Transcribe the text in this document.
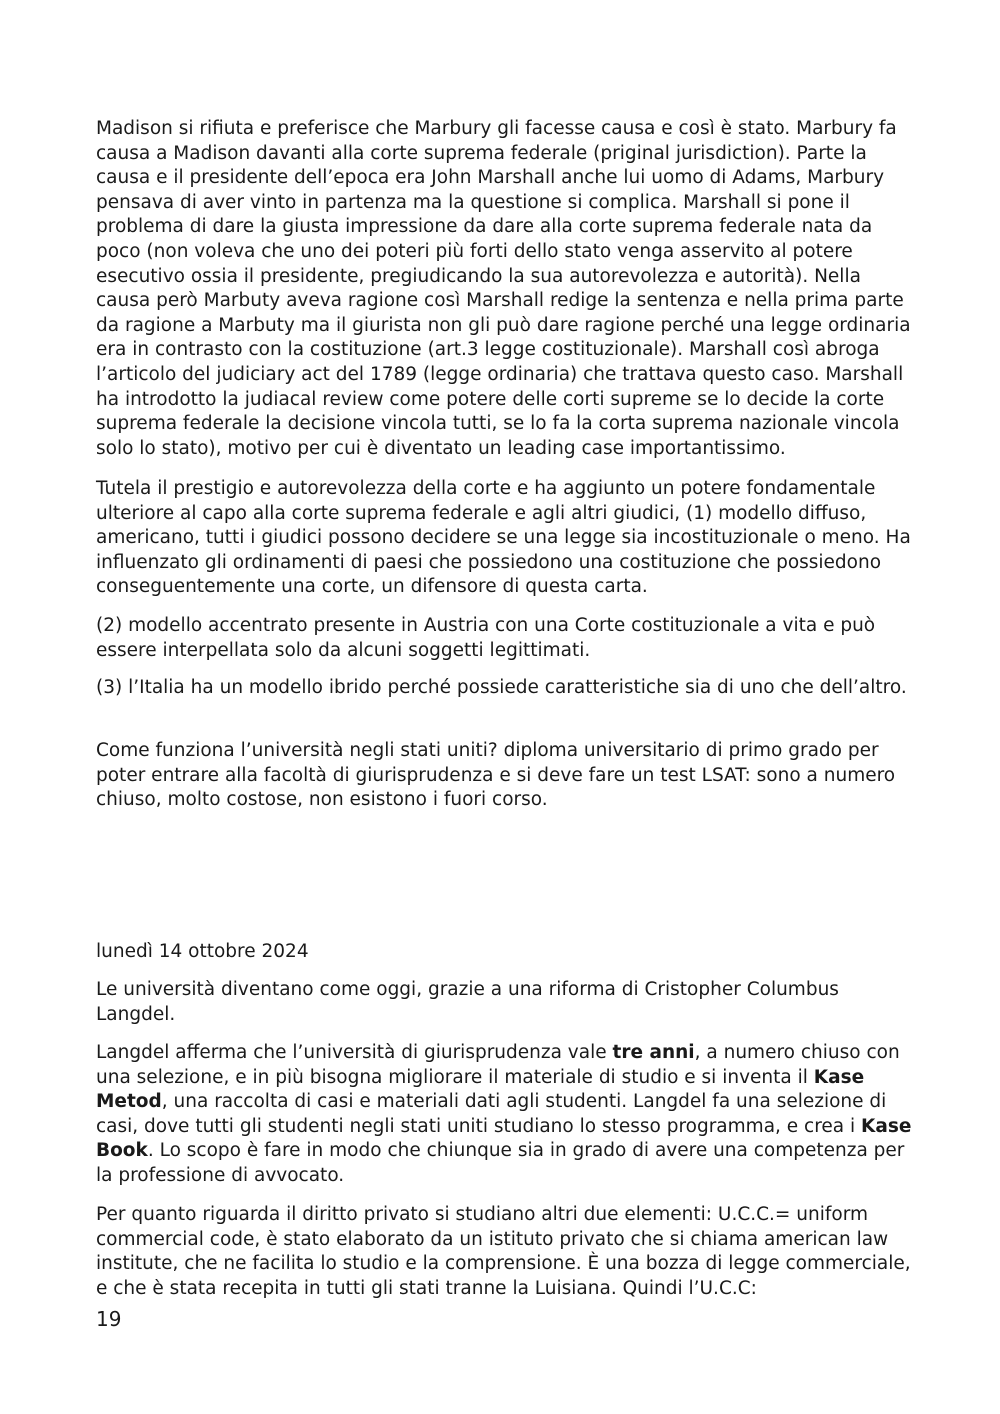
Madison si rifiuta e preferisce che Marbury gli facesse causa e così è stato. Marbury fa causa a Madison davanti alla corte suprema federale (priginal jurisdiction). Parte la causa e il presidente dell’epoca era John Marshall anche lui uomo di Adams, Marbury pensava di aver vinto in partenza ma la questione si complica. Marshall si pone il problema di dare la giusta impressione da dare alla corte suprema federale nata da poco (non voleva che uno dei poteri più forti dello stato venga asservito al potere esecutivo ossia il presidente, pregiudicando la sua autorevolezza e autorità). Nella causa però Marbuty aveva ragione così Marshall redige la sentenza e nella prima parte da ragione a Marbuty ma il giurista non gli può dare ragione perché una legge ordinaria era in contrasto con la costituzione (art.3 legge costituzionale). Marshall così abroga l’articolo del judiciary act del 1789 (legge ordinaria) che trattava questo caso. Marshall ha introdotto la judiacal review come potere delle corti supreme se lo decide la corte suprema federale la decisione vincola tutti, se lo fa la corta suprema nazionale vincola solo lo stato), motivo per cui è diventato un leading case importantissimo.

Tutela il prestigio e autorevolezza della corte e ha aggiunto un potere fondamentale ulteriore al capo alla corte suprema federale e agli altri giudici, (1) modello diffuso, americano, tutti i giudici possono decidere se una legge sia incostituzionale o meno. Ha influenzato gli ordinamenti di paesi che possiedono una costituzione che possiedono conseguentemente una corte, un difensore di questa carta.

(2) modello accentrato presente in Austria con una Corte costituzionale a vita e può essere interpellata solo da alcuni soggetti legittimati.

(3) l’Italia ha un modello ibrido perché possiede caratteristiche sia di uno che dell’altro.

Come funziona l’università negli stati uniti? diploma universitario di primo grado per poter entrare alla facoltà di giurisprudenza e si deve fare un test LSAT: sono a numero chiuso, molto costose, non esistono i fuori corso.

lunedì 14 ottobre 2024

Le università diventano come oggi, grazie a una riforma di Cristopher Columbus Langdel.

Langdel afferma che l’università di giurisprudenza vale tre anni, a numero chiuso con una selezione, e in più bisogna migliorare il materiale di studio e si inventa il Kase Metod, una raccolta di casi e materiali dati agli studenti. Langdel fa una selezione di casi, dove tutti gli studenti negli stati uniti studiano lo stesso programma, e crea i Kase Book. Lo scopo è fare in modo che chiunque sia in grado di avere una competenza per la professione di avvocato.

Per quanto riguarda il diritto privato si studiano altri due elementi: U.C.C.= uniform commercial code, è stato elaborato da un istituto privato che si chiama american law institute, che ne facilita lo studio e la comprensione. È una bozza di legge commerciale, e che è stata recepita in tutti gli stati tranne la Luisiana. Quindi l’U.C.C:

19
